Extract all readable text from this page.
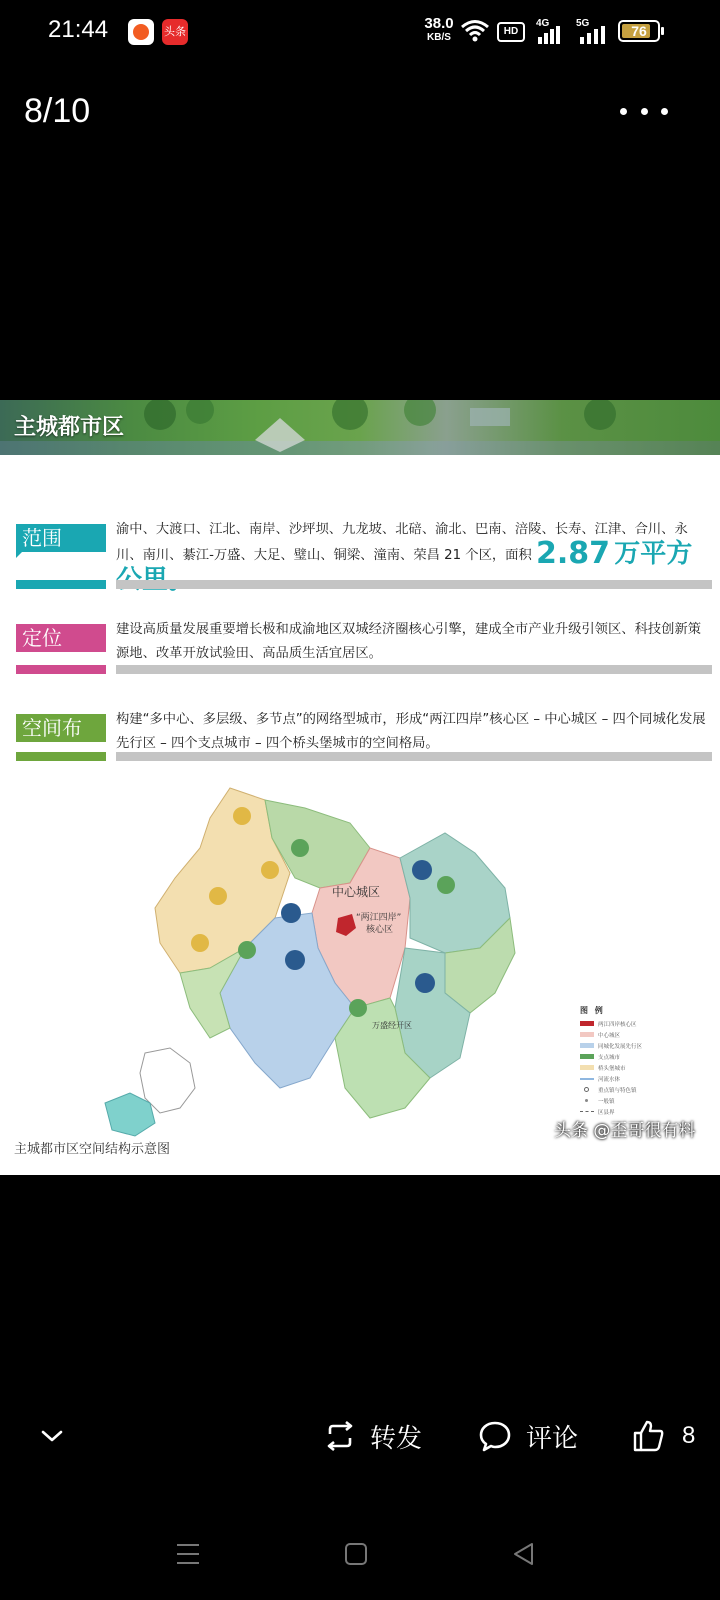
21:44	头条	38.0
KB/S
HD
4G	5G	76
8/10
主城都市区
范围	渝中、大渡口、江北、南岸、沙坪坝、九龙坡、北碚、渝北、巴南、涪陵、长寿、江津、合川、永川、南川、綦江-万盛、大足、璧山、铜梁、潼南、荣昌 21 个区，面积 2.87 万平方
定位	建设高质量发展重要增长极和成渝地区双城经济圈核心引擎，建成全市产业升级引领区、科技创新策源地、改革开放试验田、高品质生活宜居区。
空间布	构建“多中心、多层级、多节点”的网络型城市，形成“两江四岸”核心区 – 中心城区 – 四个同城化发展先行区 – 四个支点城市 – 四个桥头堡城市的空间格局。
中心城区
“两江四岸”
核心区
万盛经开区
图 例
两江四岸核心区
中心城区
同城化发展先行区
支点城市
桥头堡城市
河流水体
重点镇与特色镇
一般镇
区县界
主城都市区空间结构示意图
头条 @歪哥很有料
转发	评论	8
